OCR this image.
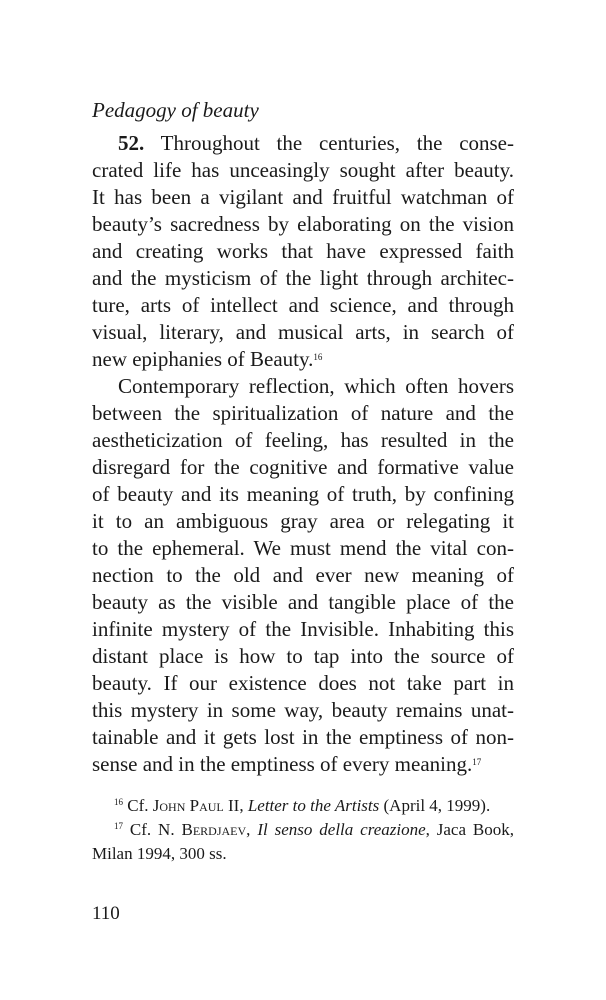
Pedagogy of beauty
52. Throughout the centuries, the conse-
crated life has unceasingly sought after beauty.
It has been a vigilant and fruitful watchman of
beauty’s sacredness by elaborating on the vision
and creating works that have expressed faith
and the mysticism of the light through architec-
ture, arts of intellect and science, and through
visual, literary, and musical arts, in search of
new epiphanies of Beauty.$^{16}$
Contemporary reflection, which often hovers
between the spiritualization of nature and the
aestheticization of feeling, has resulted in the
disregard for the cognitive and formative value
of beauty and its meaning of truth, by confining
it to an ambiguous gray area or relegating it
to the ephemeral. We must mend the vital con-
nection to the old and ever new meaning of
beauty as the visible and tangible place of the
infinite mystery of the Invisible. Inhabiting this
distant place is how to tap into the source of
beauty. If our existence does not take part in
this mystery in some way, beauty remains unat-
tainable and it gets lost in the emptiness of non-
sense and in the emptiness of every meaning.$^{17}$
$^{16}$ Cf. John Paul II, Letter to the Artists (April 4, 1999).
$^{17}$ Cf. N. Berdjaev, Il senso della creazione, Jaca Book,
Milan 1994, 300 ss.
110
